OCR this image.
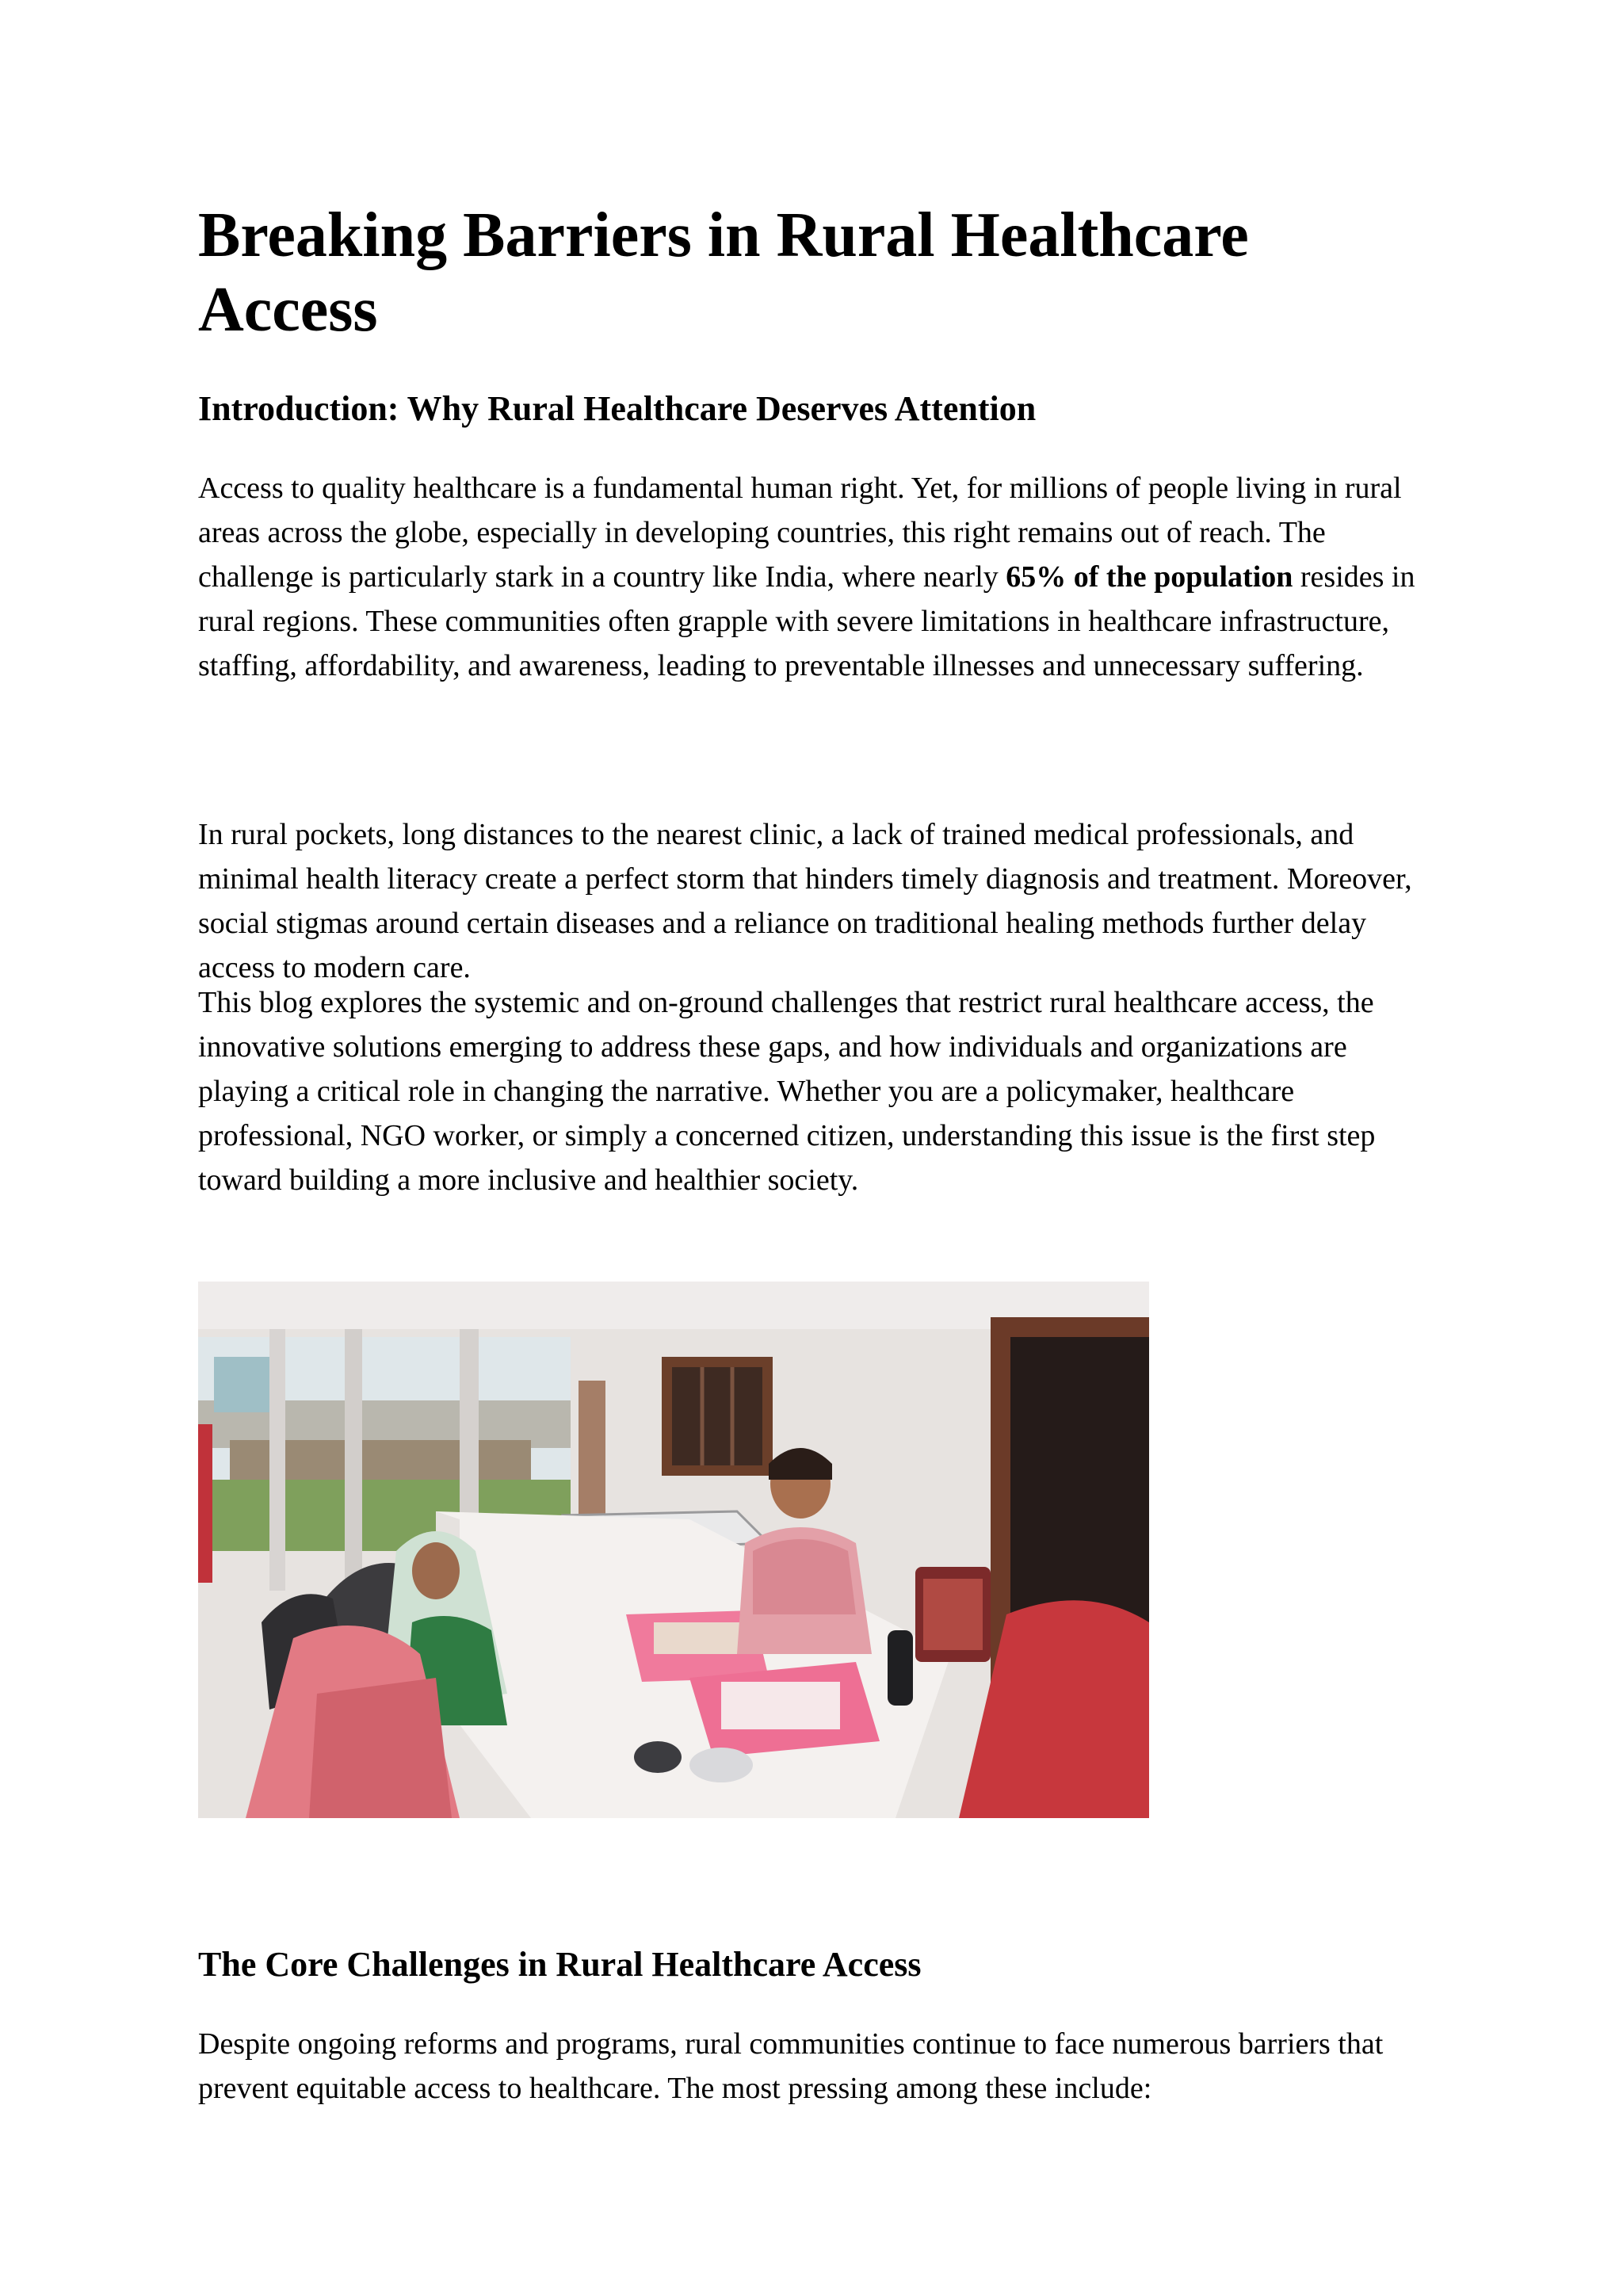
Breaking Barriers in Rural Healthcare Access
Introduction: Why Rural Healthcare Deserves Attention

Access to quality healthcare is a fundamental human right. Yet, for millions of people living in rural areas across the globe, especially in developing countries, this right remains out of reach. The challenge is particularly stark in a country like India, where nearly 65% of the population resides in rural regions. These communities often grapple with severe limitations in healthcare infrastructure, staffing, affordability, and awareness, leading to preventable illnesses and unnecessary suffering.

In rural pockets, long distances to the nearest clinic, a lack of trained medical professionals, and minimal health literacy create a perfect storm that hinders timely diagnosis and treatment. Moreover, social stigmas around certain diseases and a reliance on traditional healing methods further delay access to modern care.

This blog explores the systemic and on-ground challenges that restrict rural healthcare access, the innovative solutions emerging to address these gaps, and how individuals and organizations are playing a critical role in changing the narrative. Whether you are a policymaker, healthcare professional, NGO worker, or simply a concerned citizen, understanding this issue is the first step toward building a more inclusive and healthier society.

The Core Challenges in Rural Healthcare Access

Despite ongoing reforms and programs, rural communities continue to face numerous barriers that prevent equitable access to healthcare. The most pressing among these include:
